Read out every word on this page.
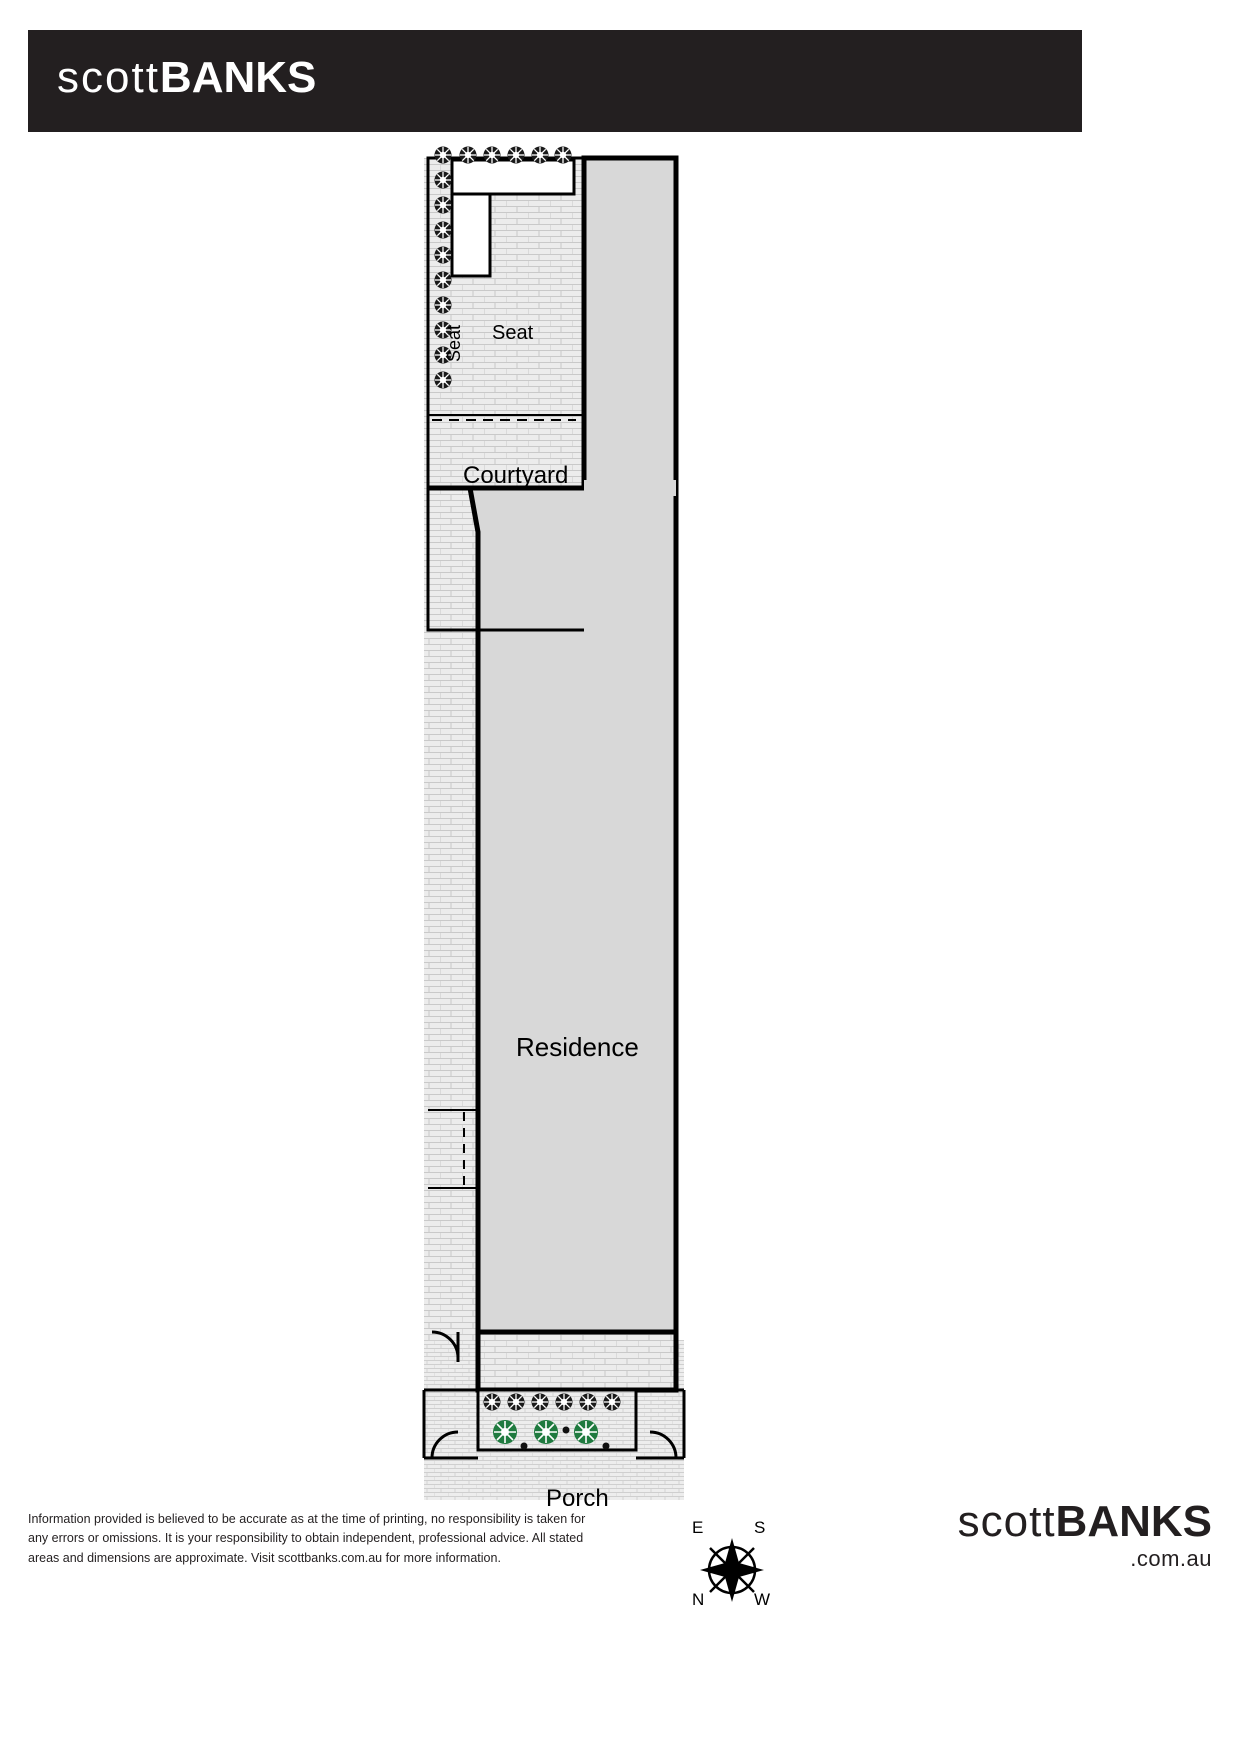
scottBANKS
Seat
Seat
Courtyard
Residence
Porch
E	S
N	W
Information provided is believed to be accurate as at the time of printing, no responsibility is taken for any errors or omissions. It is your responsibility to obtain independent, professional advice. All stated areas and dimensions are approximate. Visit scottbanks.com.au for more information.
scottBANKS
.com.au
